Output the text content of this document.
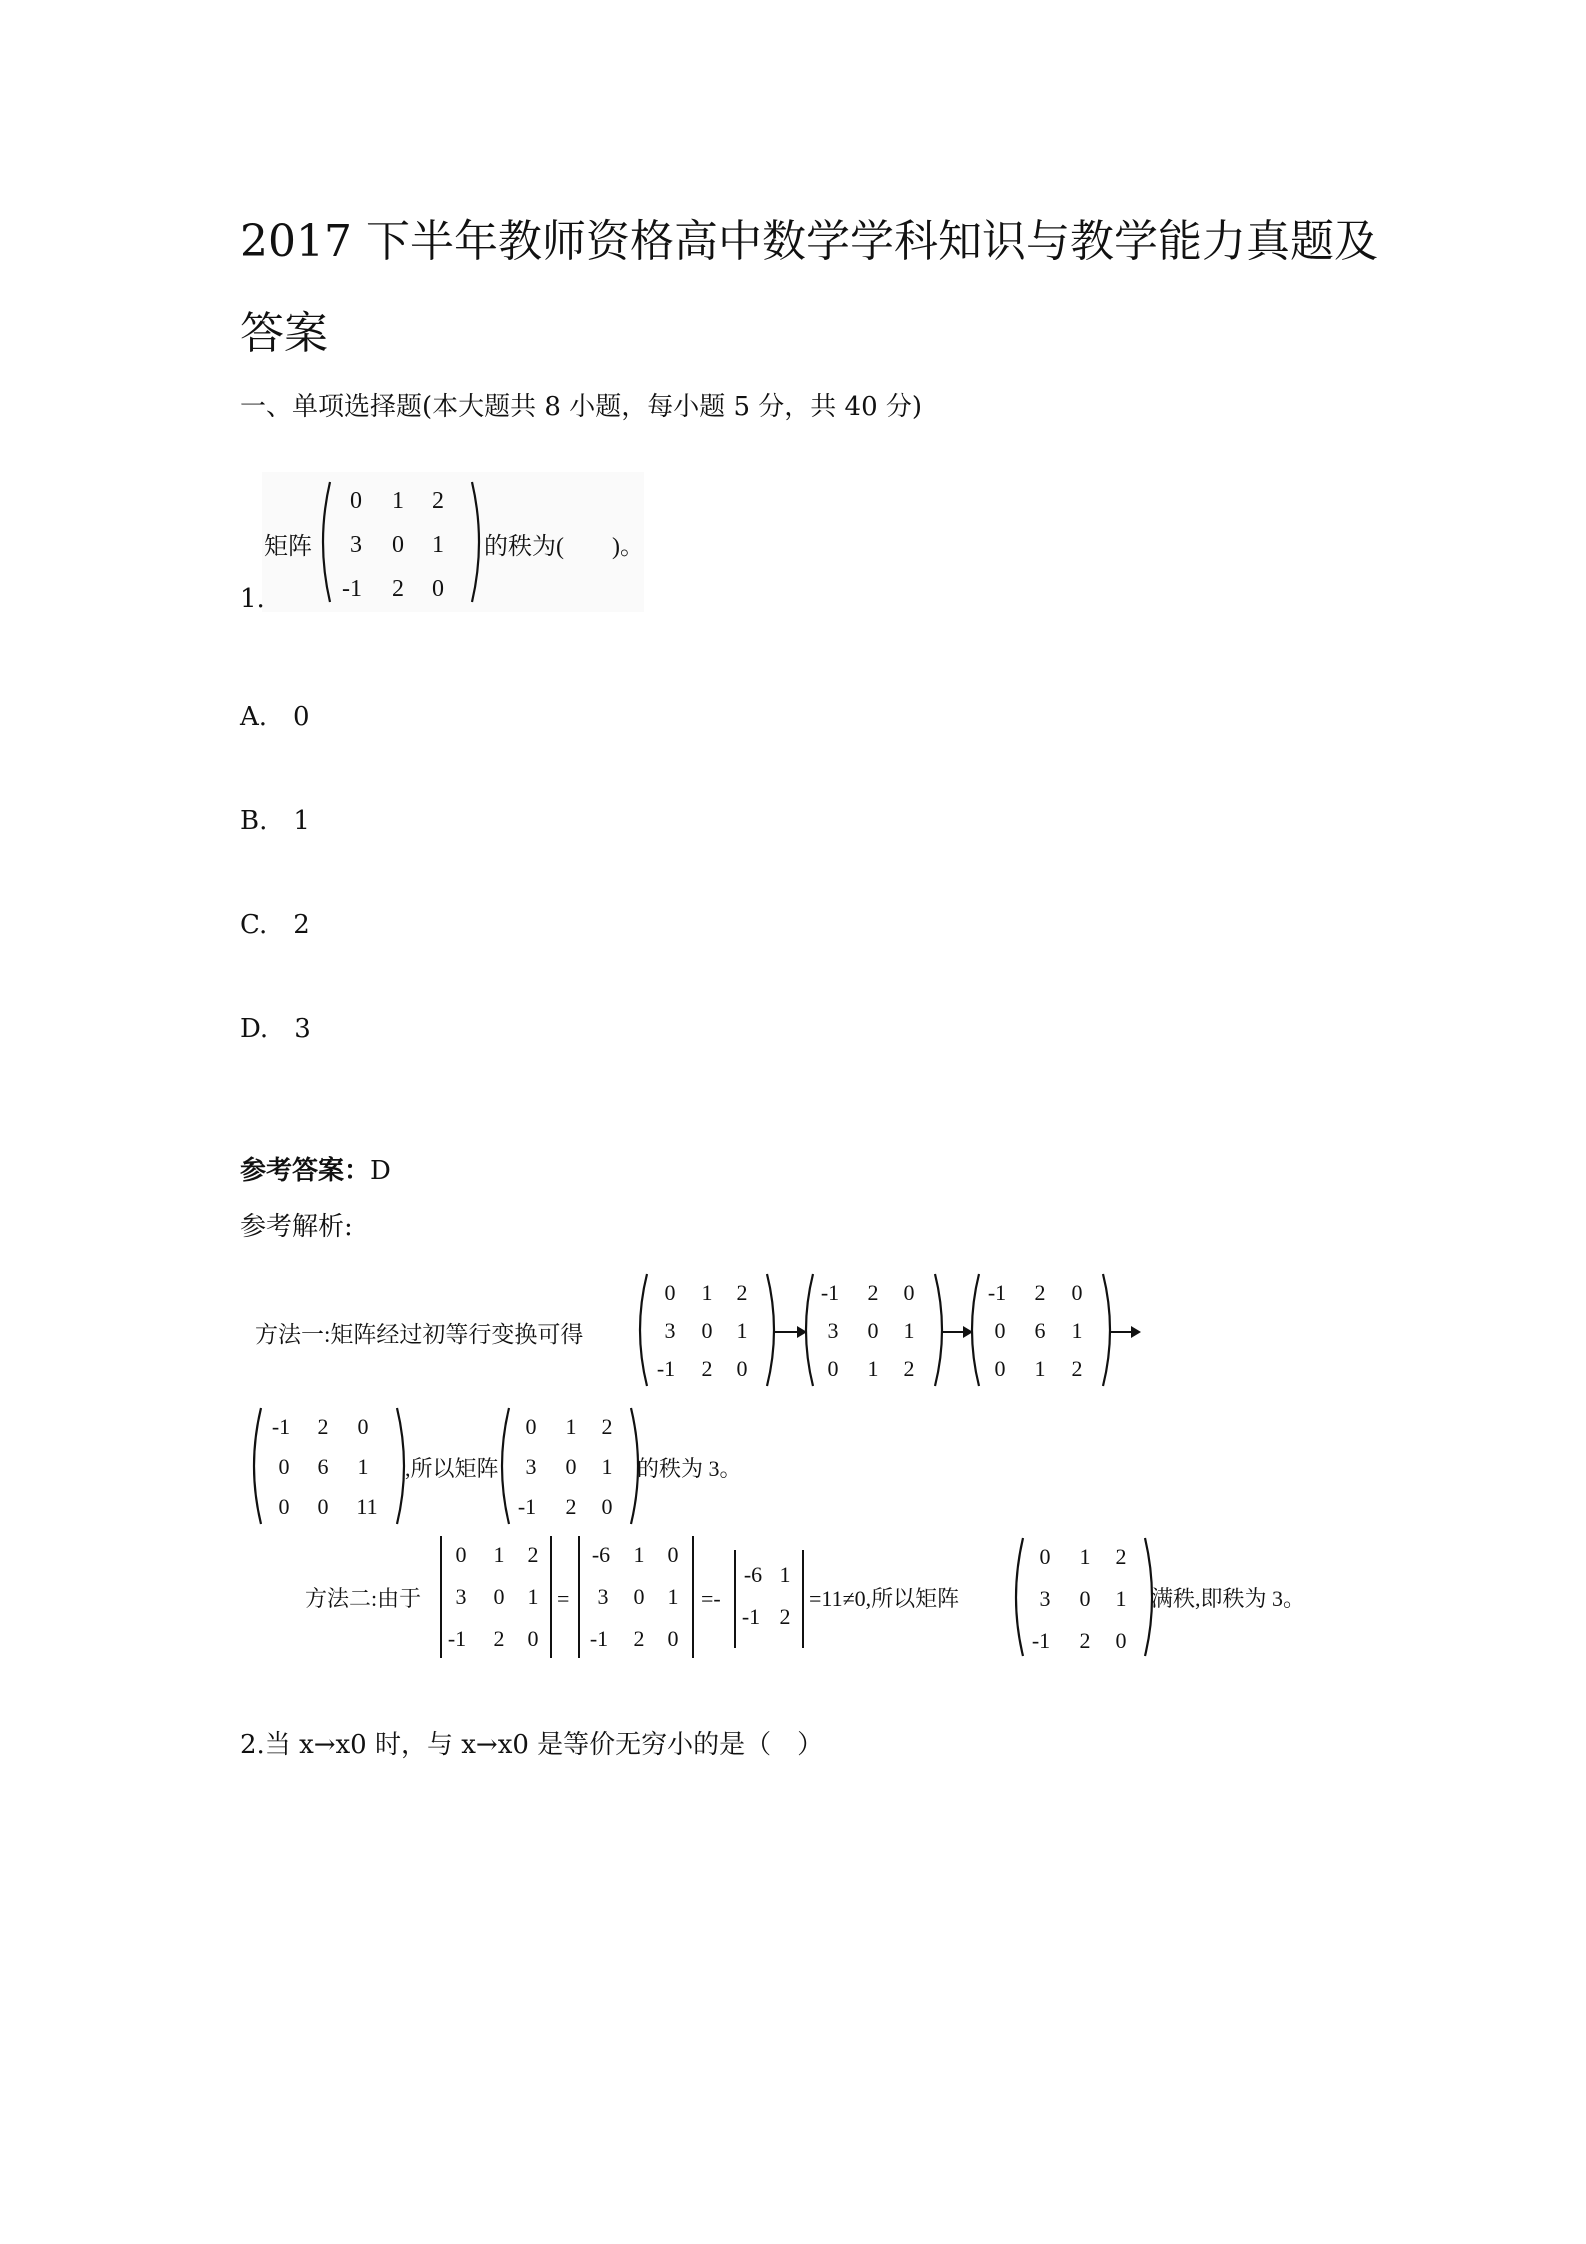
2017 下半年教师资格高中数学学科知识与教学能力真题及答案
一、单项选择题(本大题共 8 小题，每小题 5 分，共 40 分)
矩阵
0 1 2
3 0 1
-1 2 0
的秩为(　　)。
1.
A. 0
B. 1
C. 2
D. 3
参考答案：D
参考解析:
方法一:矩阵经过初等行变换可得
0 1 2
3 0 1
-1 2 0
-1 2 0
3 0 1
0 1 2
-1 2 0
0 6 1
0 1 2
-1 2 0
0 6 1
0 0 11
,所以矩阵
0 1 2
3 0 1
-1 2 0
的秩为 3。
方法二:由于
0 1 2
3 0 1
-1 2 0
=
-6 1 0
3 0 1
-1 2 0
=-
-6 1
-1 2
=11≠0,所以矩阵
0 1 2
3 0 1
-1 2 0
满秩,即秩为 3。
2.当 x→x0 时，与 x→x0 是等价无穷小的是（　）
